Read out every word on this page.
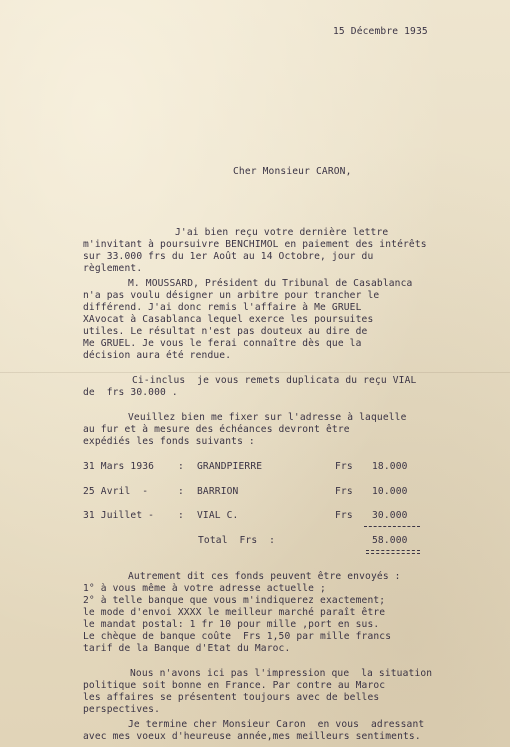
15 Décembre 1935
Cher Monsieur CARON,
J'ai bien reçu votre dernière lettre
m'invitant à poursuivre BENCHIMOL en paiement des intérêts
sur 33.000 frs du 1er Août au 14 Octobre, jour du
règlement.
M. MOUSSARD, Président du Tribunal de Casablanca
n'a pas voulu désigner un arbitre pour trancher le
différend. J'ai donc remis l'affaire à Me GRUEL
XAvocat à Casablanca lequel exerce les poursuites
utiles. Le résultat n'est pas douteux au dire de
Me GRUEL. Je vous le ferai connaître dès que la
décision aura été rendue.
Ci-inclus  je vous remets duplicata du reçu VIAL
de  frs 30.000 .
Veuillez bien me fixer sur l'adresse à laquelle
au fur et à mesure des échéances devront être
expédiés les fonds suivants :
31 Mars 1936 : GRANDPIERRE	Frs 18.000
25 Avril  -	: BARRION	Frs 10.000
31 Juillet - : VIAL C.	Frs 30.000
Total  Frs  :	58.000
Autrement dit ces fonds peuvent être envoyés :
1° à vous même à votre adresse actuelle ;
2° à telle banque que vous m'indiquerez exactement;
le mode d'envoi XXXX le meilleur marché paraît être
le mandat postal: 1 fr 10 pour mille ,port en sus.
Le chèque de banque coûte  Frs 1,50 par mille francs
tarif de la Banque d'Etat du Maroc.
Nous n'avons ici pas l'impression que  la situation
politique soit bonne en France. Par contre au Maroc
les affaires se présentent toujours avec de belles
perspectives.
Je termine cher Monsieur Caron  en vous  adressant
avec mes voeux d'heureuse année,mes meilleurs sentiments.
